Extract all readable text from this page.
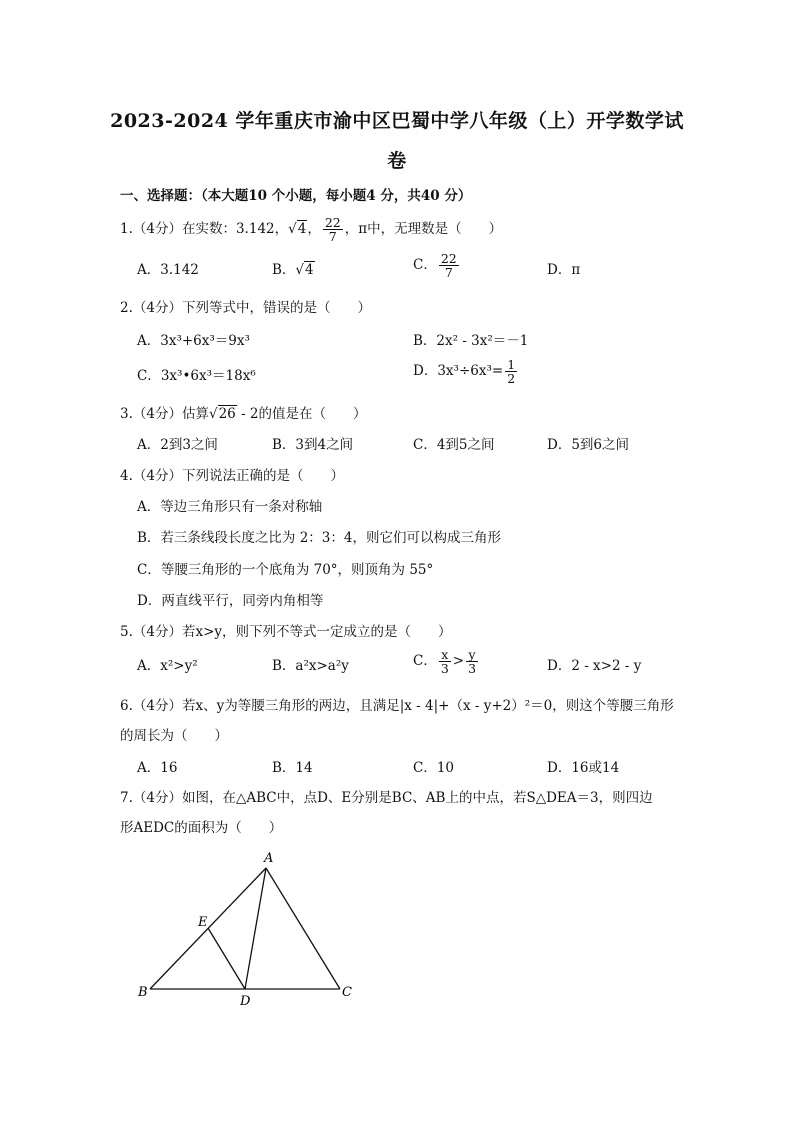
2023-2024 学年重庆市渝中区巴蜀中学八年级（上）开学数学试
卷
一、选择题：（本大题10 个小题，每小题4 分，共40 分）
1.（4分）在实数：3.142，√4， $\frac{22}{7}$ ，π中，无理数是（　　）
A．3.142	B．√4	C． $\frac{22}{7}$	D．π
2.（4分）下列等式中，错误的是（　　）
A．3x³+6x³＝9x³	B．2x² - 3x²＝－1
C．3x³•6x³＝18x⁶	D．$3x^3\div 6x^3= \frac{1}{2}$
3.（4分）估算√26 - 2的值是在（　　）
A．2到3之间	B．3到4之间	C．4到5之间	D．5到6之间
4.（4分）下列说法正确的是（　　）
A．等边三角形只有一条对称轴
B．若三条线段长度之比为 2：3：4，则它们可以构成三角形
C．等腰三角形的一个底角为 70°，则顶角为 55°
D．两直线平行，同旁内角相等
5.（4分）若x>y，则下列不等式一定成立的是（　　）
A．x²>y²	B．a²x>a²y	C． $\frac{x}{3} > \frac{y}{3}$	D．2 - x>2 - y
6.（4分）若x、y为等腰三角形的两边，且满足|x - 4|+（x - y+2）²＝0，则这个等腰三角形
的周长为（　　）
A．16	B．14	C．10	D．16或14
7.（4分）如图，在△ABC中，点D、E分别是BC、AB上的中点，若S△DEA＝3，则四边
形AEDC的面积为（　　）
A
B	C
D
E
